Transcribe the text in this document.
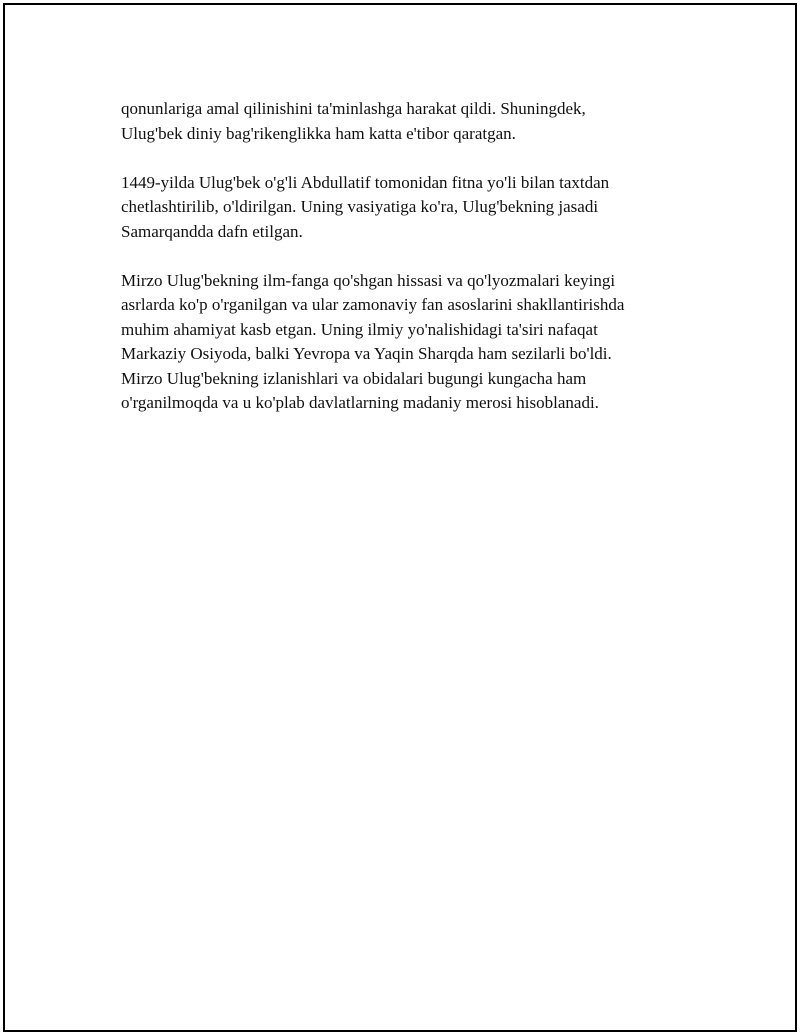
qonunlariga amal qilinishini ta'minlashga harakat qildi. Shuningdek,
Ulug'bek diniy bag'rikenglikka ham katta e'tibor qaratgan.

1449-yilda Ulug'bek o'g'li Abdullatif tomonidan fitna yo'li bilan taxtdan
chetlashtirilib, o'ldirilgan. Uning vasiyatiga ko'ra, Ulug'bekning jasadi
Samarqandda dafn etilgan.

Mirzo Ulug'bekning ilm-fanga qo'shgan hissasi va qo'lyozmalari keyingi
asrlarda ko'p o'rganilgan va ular zamonaviy fan asoslarini shakllantirishda
muhim ahamiyat kasb etgan. Uning ilmiy yo'nalishidagi ta'siri nafaqat
Markaziy Osiyoda, balki Yevropa va Yaqin Sharqda ham sezilarli bo'ldi.
Mirzo Ulug'bekning izlanishlari va obidalari bugungi kungacha ham
o'rganilmoqda va u ko'plab davlatlarning madaniy merosi hisoblanadi.
